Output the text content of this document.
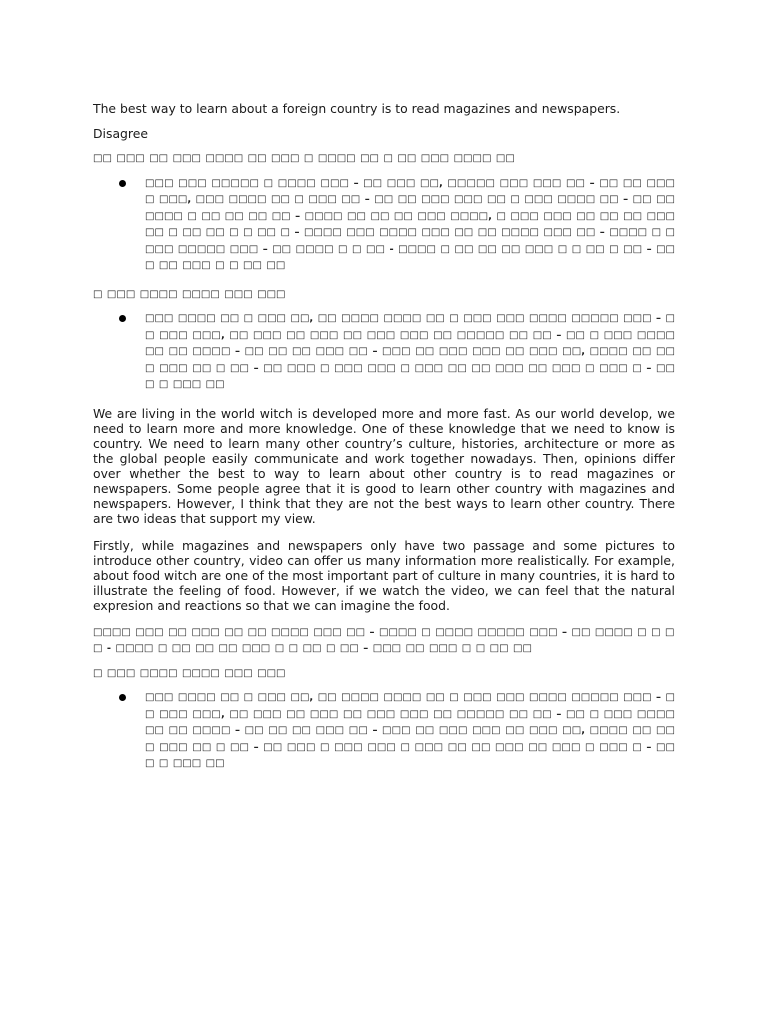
The best way to learn about a foreign country is to read magazines and newspapers.

Disagree

□□ □□□ □□ □□□ □□□□ □□ □□□ □ □□□□ □□ □ □□ □□□ □□□□ □□

□□□ □□□ □□□□□ □ □□□□ □□□ – □□ □□□ □□, □□□□□ □□□ □□□ □□ – □□ □□ □□□□ □□□, □□□ □□□□ □□ □ □□□ □□ – □□ □□ □□□ □□□ □□ □ □□□ □□□□ □□ – □□ □□□□□□ □ □□ □□ □□ □□ – □□□□ □□ □□ □□ □□□ □□□□, □ □□□ □□□ □□ □□ □□ □□□□□ □ □□ □□ □ □ □□ □ – □□□□ □□□ □□□□ □□□ □□ □□ □□□□ □□□ □□ – □□□□ □ □□□□ □□□□□ □□□ – □□ □□□□ □ □ □□ - □□□□ □ □□ □□ □□ □□□ □ □ □□ □ □□ – □□□ □□ □□□ □ □ □□ □□

□ □□□ □□□□ □□□□ □□□ □□□

□□□ □□□□ □□ □ □□□ □□, □□ □□□□ □□□□ □□ □ □□□ □□□ □□□□ □□□□□ □□□ – □□ □□□ □□□, □□ □□□ □□ □□□ □□ □□□ □□□ □□ □□□□□ □□ □□ – □□ □ □□□ □□□□ □□ □□ □□□□ – □□ □□ □□ □□□ □□ – □□□ □□ □□□ □□□ □□ □□□ □□, □□□□ □□ □□□ □□□ □□ □ □□ – □□ □□□ □ □□□ □□□ □ □□□ □□ □□ □□□ □□ □□□ □ □□□ □ – □□□ □ □□□ □□

We are living in the world witch is developed more and more fast. As our world develop, we need to learn more and more knowledge. One of these knowledge that we need to know is country. We need to learn many other country’s culture, histories, architecture or more as the global people easily communicate and work together nowadays. Then, opinions differ over whether the best to way to learn about other country is to read magazines or newspapers. Some people agree that it is good to learn other country with magazines and newspapers. However, I think that they are not the best ways to learn other country. There are two ideas that support my view.

Firstly, while magazines and newspapers only have two passage and some pictures to introduce other country, video can offer us many information more realistically. For example, about food witch are one of the most important part of culture in many countries, it is hard to illustrate the feeling of food. However, if we watch the video, we can feel that the natural expresion and reactions so that we can imagine the food.

□□□□ □□□ □□ □□□ □□ □□ □□□□ □□□ □□ – □□□□ □ □□□□ □□□□□ □□□ – □□ □□□□ □ □ □□ - □□□□ □ □□ □□ □□ □□□ □ □ □□ □ □□ – □□□ □□ □□□ □ □ □□ □□

□ □□□ □□□□ □□□□ □□□ □□□

□□□ □□□□ □□ □ □□□ □□, □□ □□□□ □□□□ □□ □ □□□ □□□ □□□□ □□□□□ □□□ – □□ □□□ □□□, □□ □□□ □□ □□□ □□ □□□ □□□ □□ □□□□□ □□ □□ – □□ □ □□□ □□□□ □□ □□ □□□□ – □□ □□ □□ □□□ □□ – □□□ □□ □□□ □□□ □□ □□□ □□, □□□□ □□ □□□ □□□ □□ □ □□ – □□ □□□ □ □□□ □□□ □ □□□ □□ □□ □□□ □□ □□□ □ □□□ □ – □□□ □ □□□ □□
